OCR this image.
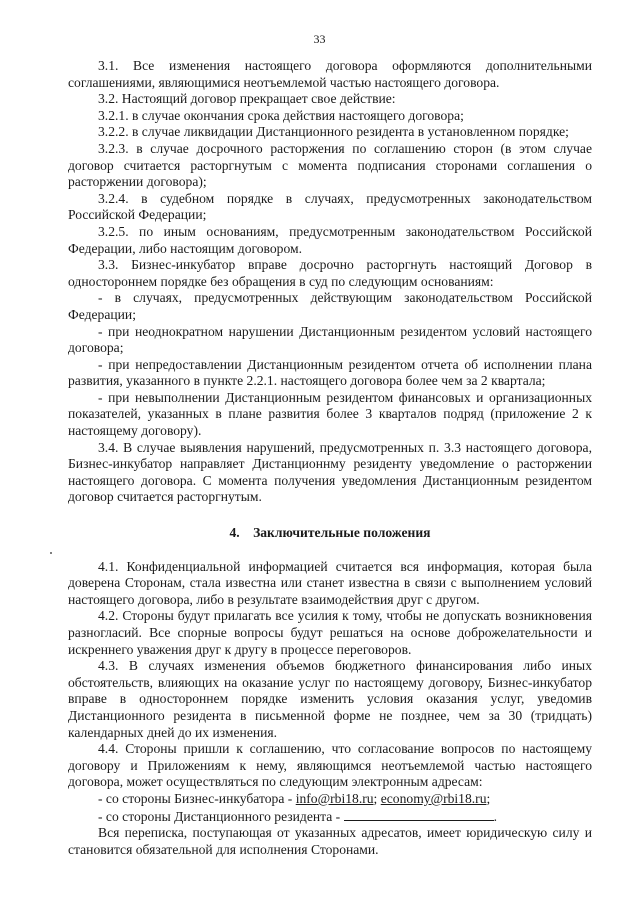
33

3.1. Все изменения настоящего договора оформляются дополнительными соглашениями, являющимися неотъемлемой частью настоящего договора.

3.2. Настоящий договор прекращает свое действие:

3.2.1. в случае окончания срока действия настоящего договора;

3.2.2. в случае ликвидации Дистанционного резидента в установленном порядке;

3.2.3. в случае досрочного расторжения по соглашению сторон (в этом случае договор считается расторгнутым с момента подписания сторонами соглашения о расторжении договора);

3.2.4. в судебном порядке в случаях, предусмотренных законодательством Российской Федерации;

3.2.5. по иным основаниям, предусмотренным законодательством Российской Федерации, либо настоящим договором.

3.3. Бизнес-инкубатор вправе досрочно расторгнуть настоящий Договор в одностороннем порядке без обращения в суд по следующим основаниям:

- в случаях, предусмотренных действующим законодательством Российской Федерации;

- при неоднократном нарушении Дистанционным резидентом условий настоящего договора;

- при непредоставлении Дистанционным резидентом отчета об исполнении плана развития, указанного в пункте 2.2.1. настоящего договора более чем за 2 квартала;

- при невыполнении Дистанционным резидентом финансовых и организационных показателей, указанных в плане развития более 3 кварталов подряд (приложение 2 к настоящему договору).

3.4. В случае выявления нарушений, предусмотренных п. 3.3 настоящего договора, Бизнес-инкубатор направляет Дистанционнму резиденту уведомление о расторжении настоящего договора. С момента получения уведомления Дистанционным резидентом договор считается расторгнутым.

4. Заключительные положения

4.1. Конфиденциальной информацией считается вся информация, которая была доверена Сторонам, стала известна или станет известна в связи с выполнением условий настоящего договора, либо в результате взаимодействия друг с другом.

4.2. Стороны будут прилагать все усилия к тому, чтобы не допускать возникновения разногласий. Все спорные вопросы будут решаться на основе доброжелательности и искреннего уважения друг к другу в процессе переговоров.

4.3. В случаях изменения объемов бюджетного финансирования либо иных обстоятельств, влияющих на оказание услуг по настоящему договору, Бизнес-инкубатор вправе в одностороннем порядке изменить условия оказания услуг, уведомив Дистанционного резидента в письменной форме не позднее, чем за 30 (тридцать) календарных дней до их изменения.

4.4. Стороны пришли к соглашению, что согласование вопросов по настоящему договору и Приложениям к нему, являющимся неотъемлемой частью настоящего договора, может осуществляться по следующим электронным адресам:

- со стороны Бизнес-инкубатора - info@rbi18.ru; economy@rbi18.ru;

- со стороны Дистанционного резидента -	.

Вся переписка, поступающая от указанных адресатов, имеет юридическую силу и становится обязательной для исполнения Сторонами.
